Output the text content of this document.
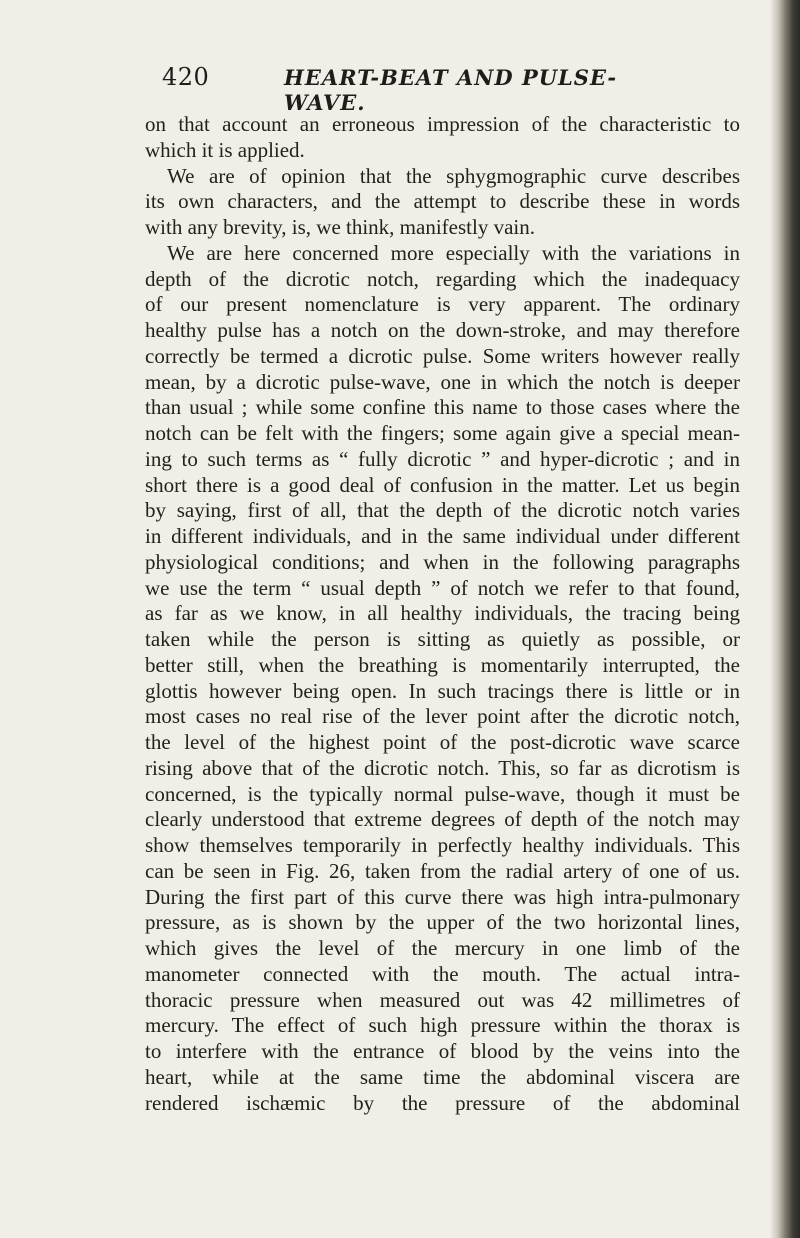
420	HEART-BEAT AND PULSE-WAVE.
on that account an erroneous impression of the characteristic to
which it is applied.
We are of opinion that the sphygmographic curve describes
its own characters, and the attempt to describe these in words
with any brevity, is, we think, manifestly vain.
We are here concerned more especially with the variations in
depth of the dicrotic notch, regarding which the inadequacy
of our present nomenclature is very apparent. The ordinary
healthy pulse has a notch on the down-stroke, and may therefore
correctly be termed a dicrotic pulse. Some writers however really
mean, by a dicrotic pulse-wave, one in which the notch is deeper
than usual ; while some confine this name to those cases where the
notch can be felt with the fingers; some again give a special mean-
ing to such terms as “ fully dicrotic ” and hyper-dicrotic ; and in
short there is a good deal of confusion in the matter. Let us begin
by saying, first of all, that the depth of the dicrotic notch varies
in different individuals, and in the same individual under different
physiological conditions; and when in the following paragraphs
we use the term “ usual depth ” of notch we refer to that found,
as far as we know, in all healthy individuals, the tracing being
taken while the person is sitting as quietly as possible, or
better still, when the breathing is momentarily interrupted, the
glottis however being open. In such tracings there is little or in
most cases no real rise of the lever point after the dicrotic notch,
the level of the highest point of the post-dicrotic wave scarce
rising above that of the dicrotic notch. This, so far as dicrotism is
concerned, is the typically normal pulse-wave, though it must be
clearly understood that extreme degrees of depth of the notch may
show themselves temporarily in perfectly healthy individuals. This
can be seen in Fig. 26, taken from the radial artery of one of us.
During the first part of this curve there was high intra-pulmonary
pressure, as is shown by the upper of the two horizontal lines,
which gives the level of the mercury in one limb of the
manometer connected with the mouth. The actual intra-
thoracic pressure when measured out was 42 millimetres of
mercury. The effect of such high pressure within the thorax is
to interfere with the entrance of blood by the veins into the
heart, while at the same time the abdominal viscera are
rendered ischæmic by the pressure of the abdominal
